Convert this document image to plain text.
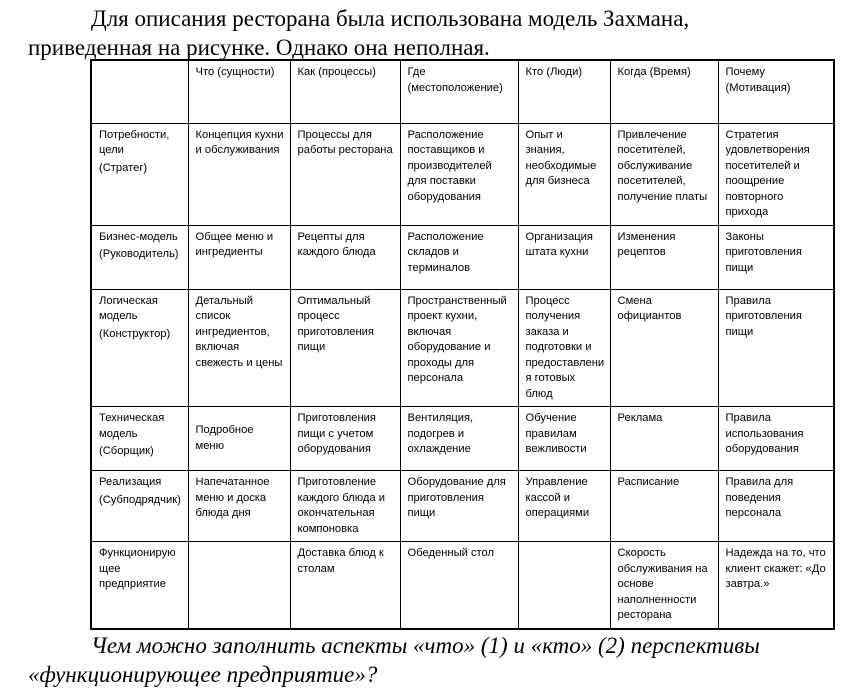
Для описания ресторана была использована модель Захмана,
приведенная на рисунке. Однако она неполная.

	Что (сущности)	Как (процессы)	Где (местоположение)	Кто (Люди)	Когда (Время)	Почему (Мотивация)
Потребности, цели
(Стратег)	Концепция кухни и обслуживания	Процессы для работы ресторана	Расположение поставщиков и производителей для поставки оборудования	Опыт и знания, необходимые для бизнеса	Привлечение посетителей, обслуживание посетителей, получение платы	Стратегия удовлетворения посетителей и поощрение повторного прихода
Бизнес-модель
(Руководитель)	Общее меню и ингредиенты	Рецепты для каждого блюда	Расположение складов и терминалов	Организация штата кухни	Изменения рецептов	Законы приготовления пищи
Логическая модель
(Конструктор)	Детальный список ингредиентов, включая свежесть и цены	Оптимальный процесс приготовления пищи	Пространственный проект кухни, включая оборудование и проходы для персонала	Процесс получения заказа и подготовки и предоставлени я готовых блюд	Смена официантов	Правила приготовления пищи
Техническая модель
(Сборщик)	Подробное меню	Приготовления пищи с учетом оборудования	Вентиляция, подогрев и охлаждение	Обучение правилам вежливости	Реклама	Правила использования оборудования
Реализация
(Субподрядчик)	Напечатанное меню и доска блюда дня	Приготовление каждого блюда и окончательная компоновка	Оборудование для приготовления пищи	Управление кассой и операциями	Расписание	Правила для поведения персонала
Функционирую щее предприятие		Доставка блюд к столам	Обеденный стол		Скорость обслуживания на основе наполненности ресторана	Надежда на то, что клиент скажет: «До завтра.»

Чем можно заполнить аспекты «что» (1) и «кто» (2) перспективы
«функционирующее предприятие»?
